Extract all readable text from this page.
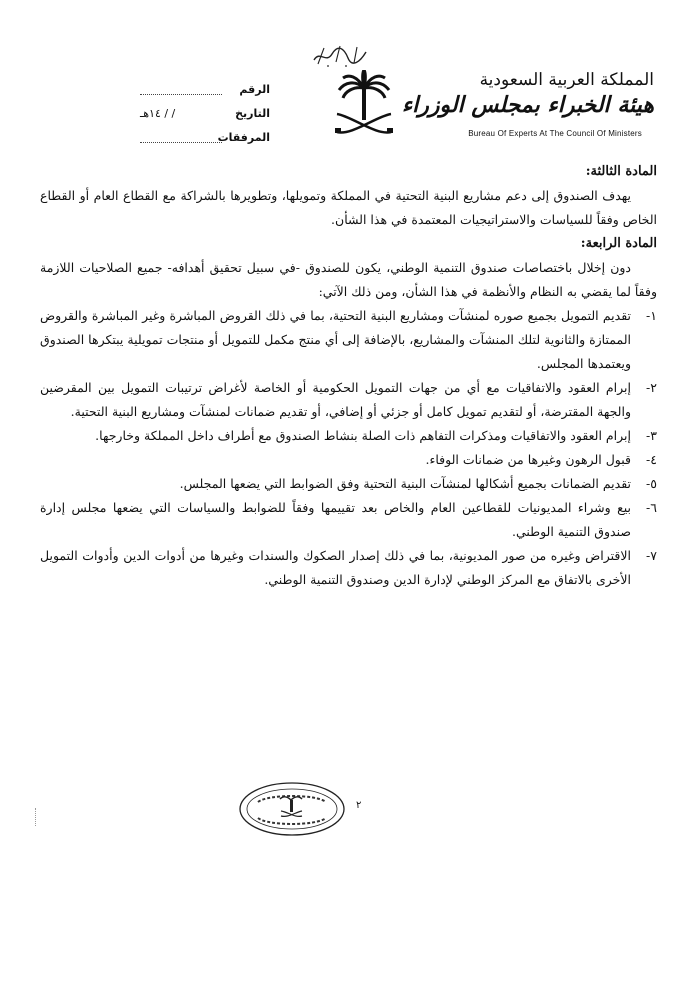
المملكة العربية السعودية
هيئة الخبراء بمجلس الوزراء
Bureau Of Experts At The Council Of Ministers
الرقم
التاريخ
/ / ١٤هـ
المرفقات

المادة الثالثة:

يهدف الصندوق إلى دعم مشاريع البنية التحتية في المملكة وتمويلها، وتطويرها بالشراكة مع القطاع العام أو القطاع الخاص وفقاً للسياسات والاستراتيجيات المعتمدة في هذا الشأن.

المادة الرابعة:

دون إخلال باختصاصات صندوق التنمية الوطني، يكون للصندوق -في سبيل تحقيق أهدافه- جميع الصلاحيات اللازمة وفقاً لما يقضي به النظام والأنظمة في هذا الشأن، ومن ذلك الآتي:

١-
تقديم التمويل بجميع صوره لمنشآت ومشاريع البنية التحتية، بما في ذلك القروض المباشرة وغير المباشرة والقروض الممتازة والثانوية لتلك المنشآت والمشاريع، بالإضافة إلى أي منتج مكمل للتمويل أو منتجات تمويلية يبتكرها الصندوق ويعتمدها المجلس.
٢-
إبرام العقود والاتفاقيات مع أي من جهات التمويل الحكومية أو الخاصة لأغراض ترتيبات التمويل بين المقرضين والجهة المقترضة، أو لتقديم تمويل كامل أو جزئي أو إضافي، أو تقديم ضمانات لمنشآت ومشاريع البنية التحتية.
٣-
إبرام العقود والاتفاقيات ومذكرات التفاهم ذات الصلة بنشاط الصندوق مع أطراف داخل المملكة وخارجها.
٤-
قبول الرهون وغيرها من ضمانات الوفاء.
٥-
تقديم الضمانات بجميع أشكالها لمنشآت البنية التحتية وفق الضوابط التي يضعها المجلس.
٦-
بيع وشراء المديونيات للقطاعين العام والخاص بعد تقييمها وفقاً للضوابط والسياسات التي يضعها مجلس إدارة صندوق التنمية الوطني.
٧-
الاقتراض وغيره من صور المديونية، بما في ذلك إصدار الصكوك والسندات وغيرها من أدوات الدين وأدوات التمويل الأخرى بالاتفاق مع المركز الوطني لإدارة الدين وصندوق التنمية الوطني.
٢
